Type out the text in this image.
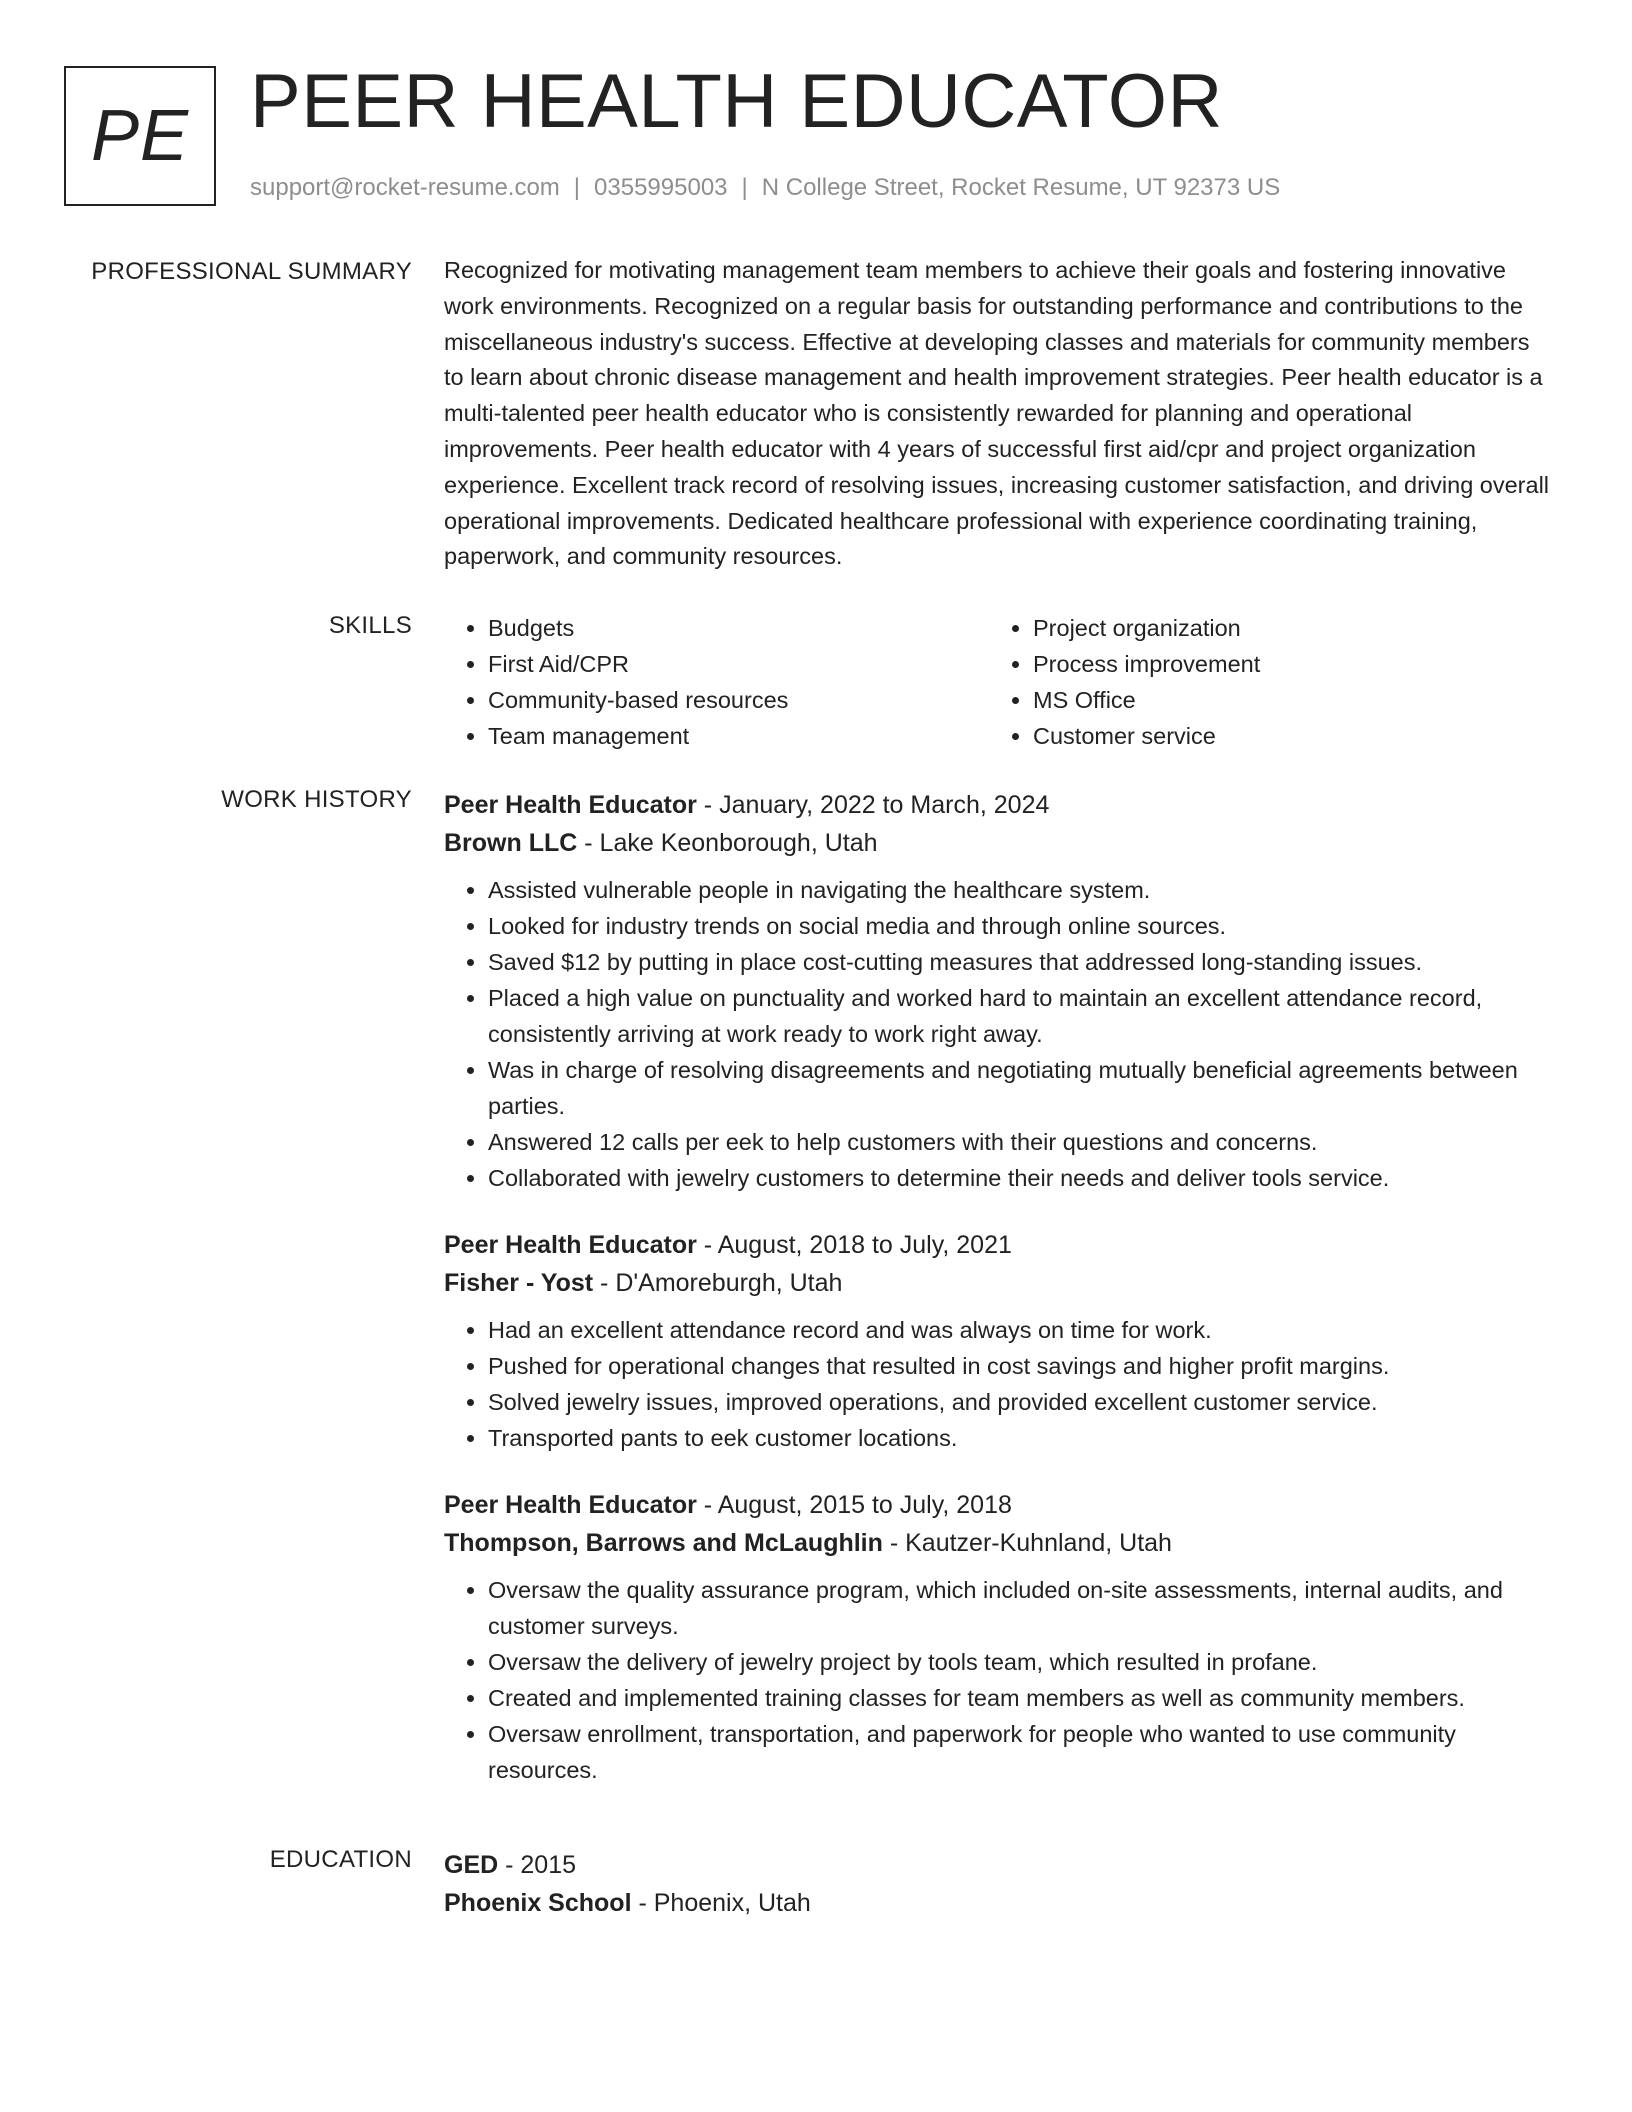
PE PEER HEALTH EDUCATOR
support@rocket-resume.com | 0355995003 | N College Street, Rocket Resume, UT 92373 US
PROFESSIONAL SUMMARY Recognized for motivating management team members to achieve their goals and fostering innovative work environments. Recognized on a regular basis for outstanding performance and contributions to the miscellaneous industry's success. Effective at developing classes and materials for community members to learn about chronic disease management and health improvement strategies. Peer health educator is a multi-talented peer health educator who is consistently rewarded for planning and operational improvements. Peer health educator with 4 years of successful first aid/cpr and project organization experience. Excellent track record of resolving issues, increasing customer satisfaction, and driving overall operational improvements. Dedicated healthcare professional with experience coordinating training, paperwork, and community resources.

SKILLS
•	Budgets
• First Aid/CPR
• Community-based resources
• Team management
• Project organization
• Process improvement
• MS Office
• Customer service
WORK HISTORY Peer Health Educator - January, 2022 to March, 2024
Brown LLC - Lake Keonborough, Utah
• Assisted vulnerable people in navigating the healthcare system.
• Looked for industry trends on social media and through online sources.
• Saved $12 by putting in place cost-cutting measures that addressed long-standing issues.
• Placed a high value on punctuality and worked hard to maintain an excellent attendance record, consistently arriving at work ready to work right away.
• Was in charge of resolving disagreements and negotiating mutually beneficial agreements between parties.
• Answered 12 calls per eek to help customers with their questions and concerns.
• Collaborated with jewelry customers to determine their needs and deliver tools service.
Peer Health Educator - August, 2018 to July, 2021
Fisher - Yost - D'Amoreburgh, Utah
• Had an excellent attendance record and was always on time for work.
• Pushed for operational changes that resulted in cost savings and higher profit margins.
• Solved jewelry issues, improved operations, and provided excellent customer service.
• Transported pants to eek customer locations.
Peer Health Educator - August, 2015 to July, 2018
Thompson, Barrows and McLaughlin - Kautzer-Kuhnland, Utah
• Oversaw the quality assurance program, which included on-site assessments, internal audits, and customer surveys.
• Oversaw the delivery of jewelry project by tools team, which resulted in profane.
• Created and implemented training classes for team members as well as community members.
• Oversaw enrollment, transportation, and paperwork for people who wanted to use community resources.
EDUCATION GED - 2015
Phoenix School - Phoenix, Utah
